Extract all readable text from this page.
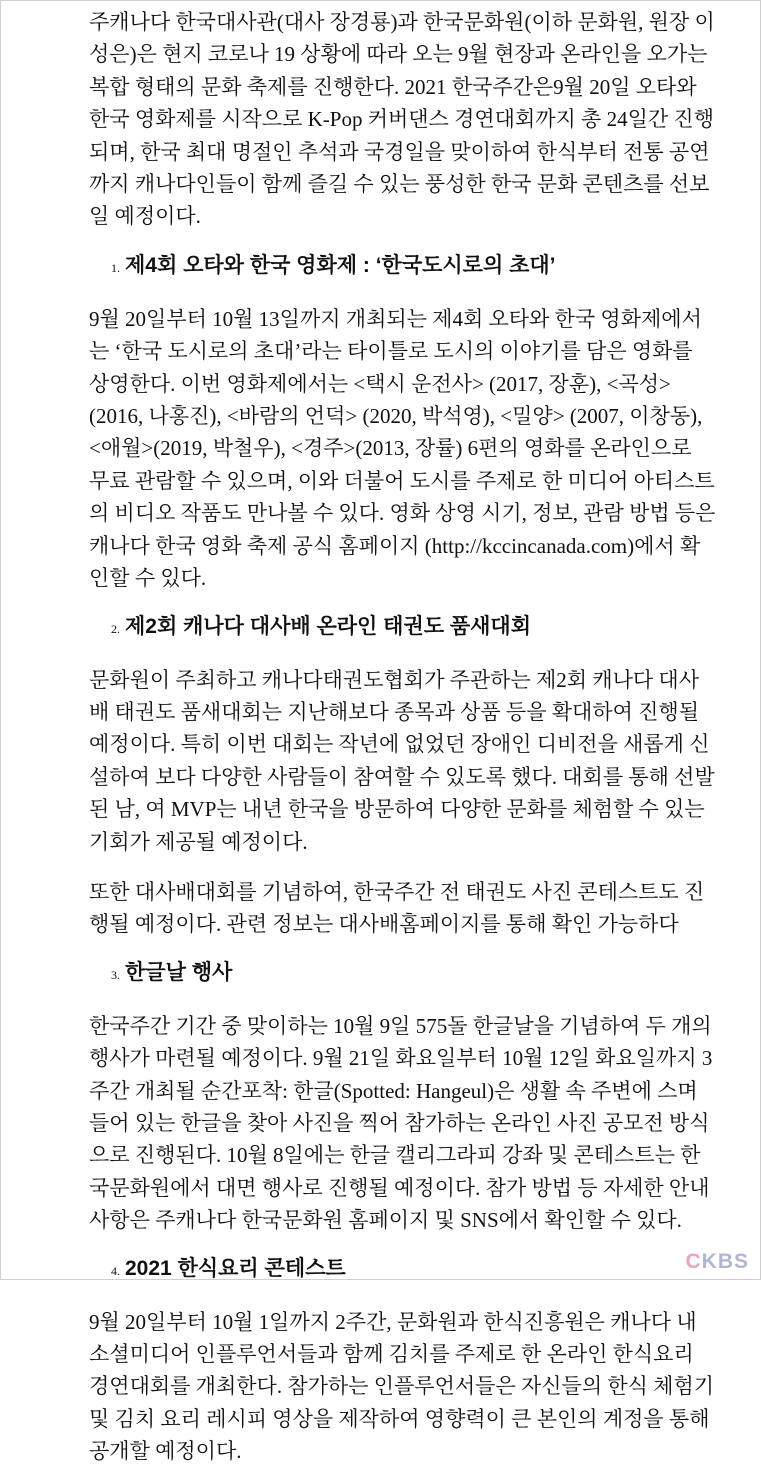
주캐나다 한국대사관(대사 장경룡)과 한국문화원(이하 문화원, 원장 이성은)은 현지 코로나 19 상황에 따라 오는 9월 현장과 온라인을 오가는 복합 형태의 문화 축제를 진행한다. 2021 한국주간은9월 20일 오타와 한국 영화제를 시작으로 K-Pop 커버댄스 경연대회까지 총 24일간 진행되며, 한국 최대 명절인 추석과 국경일을 맞이하여 한식부터 전통 공연까지 캐나다인들이 함께 즐길 수 있는 풍성한 한국 문화 콘텐츠를 선보일 예정이다.

1. 제4회 오타와 한국 영화제 : ‘한국도시로의 초대’

9월 20일부터 10월 13일까지 개최되는 제4회 오타와 한국 영화제에서는 ‘한국 도시로의 초대’라는 타이틀로 도시의 이야기를 담은 영화를 상영한다. 이번 영화제에서는 <택시 운전사> (2017, 장훈), <곡성>(2016, 나홍진), <바람의 언덕> (2020, 박석영), <밀양> (2007, 이창동), <애월>(2019, 박철우), <경주>(2013, 장률) 6편의 영화를 온라인으로 무료 관람할 수 있으며, 이와 더불어 도시를 주제로 한 미디어 아티스트의 비디오 작품도 만나볼 수 있다. 영화 상영 시기, 정보, 관람 방법 등은 캐나다 한국 영화 축제 공식 홈페이지 (http://kccincanada.com)에서 확인할 수 있다.

2. 제2회 캐나다 대사배 온라인 태권도 품새대회

문화원이 주최하고 캐나다태권도협회가 주관하는 제2회 캐나다 대사배 태권도 품새대회는 지난해보다 종목과 상품 등을 확대하여 진행될 예정이다. 특히 이번 대회는 작년에 없었던 장애인 디비전을 새롭게 신설하여 보다 다양한 사람들이 참여할 수 있도록 했다. 대회를 통해 선발된 남, 여 MVP는 내년 한국을 방문하여 다양한 문화를 체험할 수 있는 기회가 제공될 예정이다.

또한 대사배대회를 기념하여, 한국주간 전 태권도 사진 콘테스트도 진행될 예정이다. 관련 정보는 대사배홈페이지를 통해 확인 가능하다

3. 한글날 행사

한국주간 기간 중 맞이하는 10월 9일 575돌 한글날을 기념하여 두 개의 행사가 마련될 예정이다. 9월 21일 화요일부터 10월 12일 화요일까지 3주간 개최될 순간포착: 한글(Spotted: Hangeul)은 생활 속 주변에 스며들어 있는 한글을 찾아 사진을 찍어 참가하는 온라인 사진 공모전 방식으로 진행된다. 10월 8일에는 한글 캘리그라피 강좌 및 콘테스트는 한국문화원에서 대면 행사로 진행될 예정이다. 참가 방법 등 자세한 안내 사항은 주캐나다 한국문화원 홈페이지 및 SNS에서 확인할 수 있다.

4. 2021 한식요리 콘테스트

9월 20일부터 10월 1일까지 2주간, 문화원과 한식진흥원은 캐나다 내 소셜미디어 인플루언서들과 함께 김치를 주제로 한 온라인 한식요리 경연대회를 개최한다. 참가하는 인플루언서들은 자신들의 한식 체험기 및 김치 요리 레시피 영상을 제작하여 영향력이 큰 본인의 계정을 통해 공개할 예정이다.

CKBS
